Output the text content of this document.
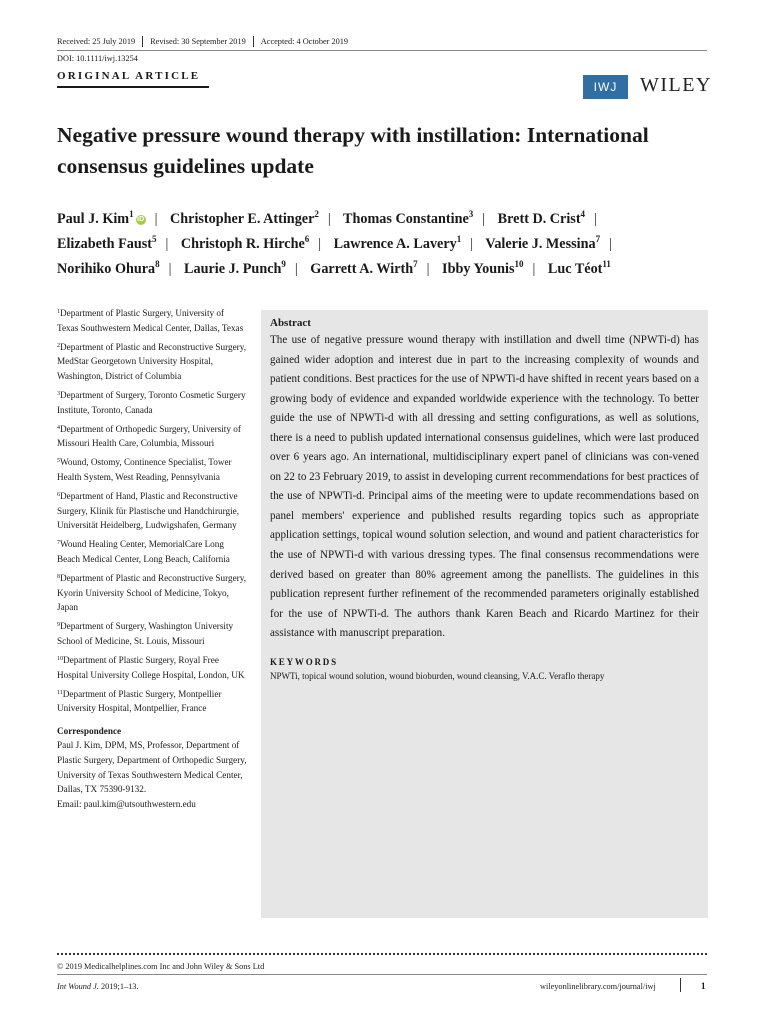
Received: 25 July 2019 Revised: 30 September 2019 Accepted: 4 October 2019
DOI: 10.1111/iwj.13254
ORIGINAL ARTICLE
IWJ	WILEY
Negative pressure wound therapy with instillation: International consensus guidelines update
Paul J. Kim$^1$iD | Christopher E. Attinger$^2$ | Thomas Constantine$^3$ | Brett D. Crist$^4$ | Elizabeth Faust$^5$ | Christoph R. Hirche$^6$ | Lawrence A. Lavery$^1$ | Valerie J. Messina$^7$ | Norihiko Ohura$^8$ | Laurie J. Punch$^9$ | Garrett A. Wirth$^7$ | Ibby Younis$^{10}$ | Luc Téot$^{11}$
$^1$Department of Plastic Surgery, University of Texas Southwestern Medical Center, Dallas, Texas
$^2$Department of Plastic and Reconstructive Surgery, MedStar Georgetown University Hospital, Washington, District of Columbia
$^3$Department of Surgery, Toronto Cosmetic Surgery Institute, Toronto, Canada
$^4$Department of Orthopedic Surgery, University of Missouri Health Care, Columbia, Missouri
$^5$Wound, Ostomy, Continence Specialist, Tower Health System, West Reading, Pennsylvania
$^6$Department of Hand, Plastic and Reconstructive Surgery, Klinik für Plastische und Handchirurgie, Universität Heidelberg, Ludwigshafen, Germany
$^7$Wound Healing Center, MemorialCare Long Beach Medical Center, Long Beach, California
$^8$Department of Plastic and Reconstructive Surgery, Kyorin University School of Medicine, Tokyo, Japan
$^9$Department of Surgery, Washington University School of Medicine, St. Louis, Missouri
$^{10}$Department of Plastic Surgery, Royal Free Hospital University College Hospital, London, UK
$^{11}$Department of Plastic Surgery, Montpellier University Hospital, Montpellier, France
Correspondence
Paul J. Kim, DPM, MS, Professor, Department of Plastic Surgery, Department of Orthopedic Surgery, University of Texas Southwestern Medical Center, Dallas, TX 75390-9132.
Email: paul.kim@utsouthwestern.edu
Abstract

The use of negative pressure wound therapy with instillation and dwell time (NPWTi-d) has gained wider adoption and interest due in part to the increasing complexity of wounds and patient conditions. Best practices for the use of NPWTi-d have shifted in recent years based on a growing body of evidence and expanded worldwide experience with the technology. To better guide the use of NPWTi-d with all dressing and setting configurations, as well as solutions, there is a need to publish updated international consensus guidelines, which were last produced over 6 years ago. An international, multidisciplinary expert panel of clinicians was con-vened on 22 to 23 February 2019, to assist in developing current recommendations for best practices of the use of NPWTi-d. Principal aims of the meeting were to update recommendations based on panel members' experience and published results regarding topics such as appropriate application settings, topical wound solution selection, and wound and patient characteristics for the use of NPWTi-d with various dressing types. The final consensus recommendations were derived based on greater than 80% agreement among the panellists. The guidelines in this publication represent further refinement of the recommended parameters originally established for the use of NPWTi-d. The authors thank Karen Beach and Ricardo Martinez for their assistance with manuscript preparation.

KEYWORDS
NPWTi, topical wound solution, wound bioburden, wound cleansing, V.A.C. Veraflo therapy
© 2019 Medicalhelplines.com Inc and John Wiley & Sons Ltd
Int Wound J. 2019;1–13.	wileyonlinelibrary.com/journal/iwj	1
